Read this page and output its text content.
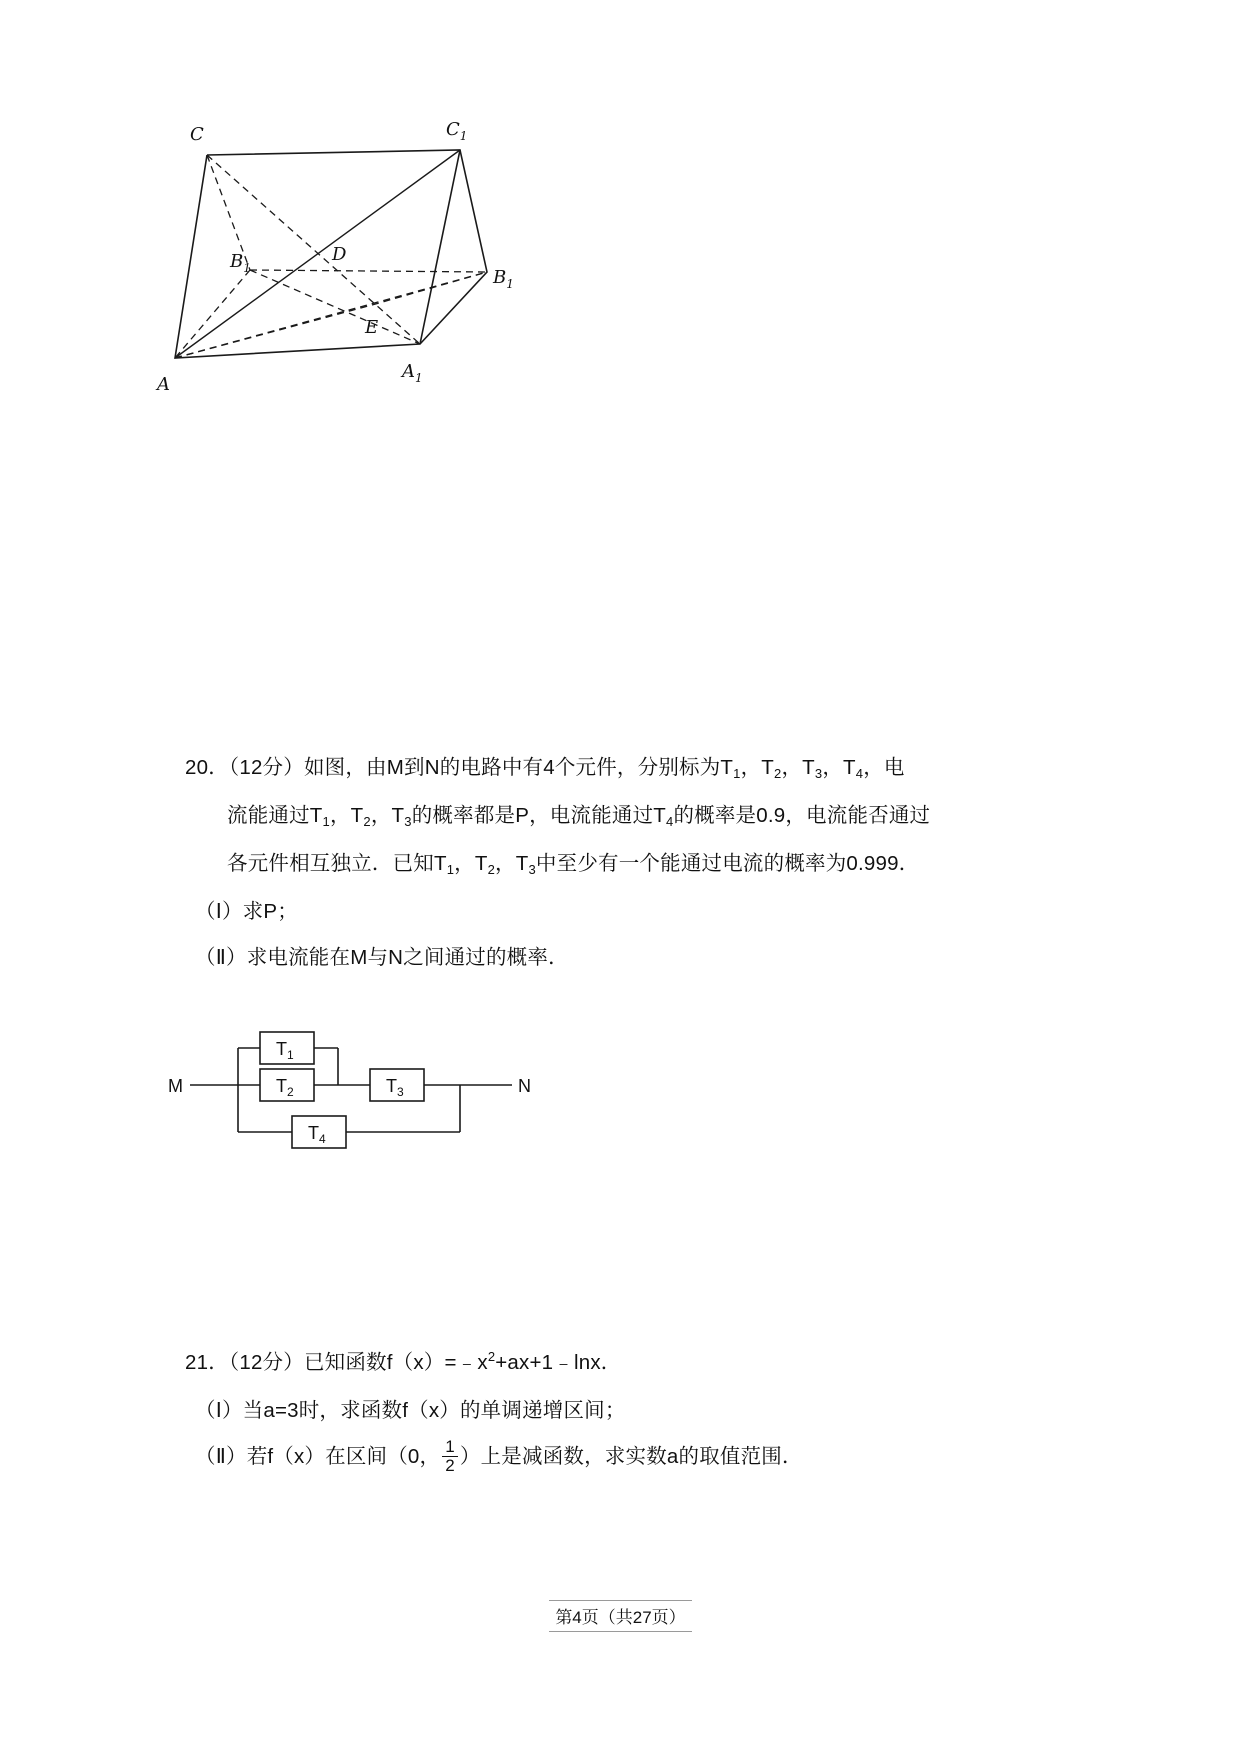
C	$C_1$
$B_1$
D
$B_1$
E
A
$A_1$
20．（12分）如图，由M到N的电路中有4个元件，分别标为$T_1$，$T_2$，$T_3$，$T_4$，电
流能通过$T_1$，$T_2$，$T_3$的概率都是P，电流能通过$T_4$的概率是0.9，电流能否通过
各元件相互独立．已知$T_1$，$T_2$，$T_3$中至少有一个能通过电流的概率为0.999．
（Ⅰ）求P；
（Ⅱ）求电流能在M与N之间通过的概率．
M	N
$T_1$
$T_2$	$T_3$
$T_4$
21．（12分）已知函数$f(x)=﹣x^2+ax+1﹣\ln x$．
（Ⅰ）当a=3时，求函数f（x）的单调递增区间；
（Ⅱ）若f（x）在区间（0， $\frac{1}{2}$ ）上是减函数，求实数a的取值范围．
第4页（共27页）
